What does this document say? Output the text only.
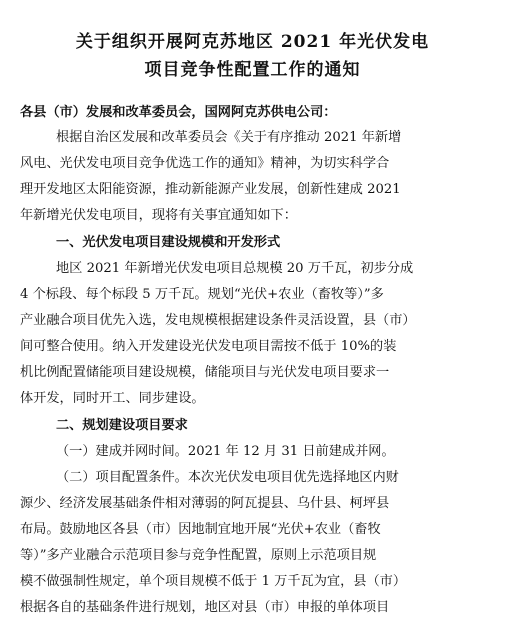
关于组织开展阿克苏地区 2021 年光伏发电
项目竞争性配置工作的通知
各县（市）发展和改革委员会，国网阿克苏供电公司：
根据自治区发展和改革委员会《关于有序推动 2021 年新增
风电、光伏发电项目竞争优选工作的通知》精神，为切实科学合
理开发地区太阳能资源，推动新能源产业发展，创新性建成 2021
年新增光伏发电项目，现将有关事宜通知如下：
一、光伏发电项目建设规模和开发形式
地区 2021 年新增光伏发电项目总规模 20 万千瓦，初步分成
4 个标段、每个标段 5 万千瓦。规划“光伏+农业（畜牧等）”多
产业融合项目优先入选，发电规模根据建设条件灵活设置，县（市）
间可整合使用。纳入开发建设光伏发电项目需按不低于 10%的装
机比例配置储能项目建设规模，储能项目与光伏发电项目要求一
体开发，同时开工、同步建设。
二、规划建设项目要求
（一）建成并网时间。2021 年 12 月 31 日前建成并网。
（二）项目配置条件。本次光伏发电项目优先选择地区内财
源少、经济发展基础条件相对薄弱的阿瓦提县、乌什县、柯坪县
布局。鼓励地区各县（市）因地制宜地开展“光伏+农业（畜牧
等）”多产业融合示范项目参与竞争性配置，原则上示范项目规
模不做强制性规定，单个项目规模不低于 1 万千瓦为宜，县（市）
根据各自的基础条件进行规划，地区对县（市）申报的单体项目
